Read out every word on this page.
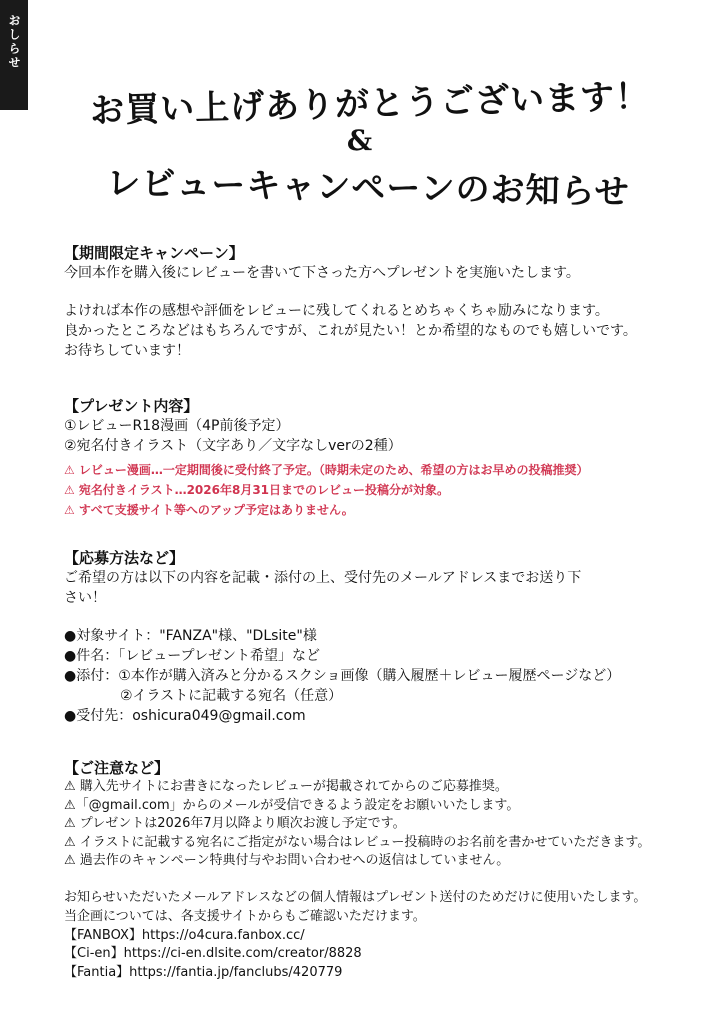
おしらせ
お買い上げありがとうございます！
&
レビューキャンペーンのお知らせ

【期間限定キャンペーン】

今回本作を購入後にレビューを書いて下さった方へプレゼントを実施いたします。

よければ本作の感想や評価をレビューに残してくれるとめちゃくちゃ励みになります。

良かったところなどはもちろんですが、これが見たい！とか希望的なものでも嬉しいです。

お待ちしています！

【プレゼント内容】

①レビューR18漫画（4P前後予定）

②宛名付きイラスト（文字あり／文字なしverの2種）

⚠ レビュー漫画…一定期間後に受付終了予定。（時期未定のため、希望の方はお早めの投稿推奨）

⚠ 宛名付きイラスト…2026年8月31日までのレビュー投稿分が対象。

⚠ すべて支援サイト等へのアップ予定はありません。

【応募方法など】

ご希望の方は以下の内容を記載・添付の上、受付先のメールアドレスまでお送り下

さい！

●対象サイト："FANZA"様、"DLsite"様

●件名：「レビュープレゼント希望」など

●添付：①本作が購入済みと分かるスクショ画像（購入履歴＋レビュー履歴ページなど）

　　　　②イラストに記載する宛名（任意）

●受付先：oshicura049@gmail.com

【ご注意など】

⚠ 購入先サイトにお書きになったレビューが掲載されてからのご応募推奨。

⚠「@gmail.com」からのメールが受信できるよう設定をお願いいたします。

⚠ プレゼントは2026年7月以降より順次お渡し予定です。

⚠ イラストに記載する宛名にご指定がない場合はレビュー投稿時のお名前を書かせていただきます。

⚠ 過去作のキャンペーン特典付与やお問い合わせへの返信はしていません。

お知らせいただいたメールアドレスなどの個人情報はプレゼント送付のためだけに使用いたします。

当企画については、各支援サイトからもご確認いただけます。

【FANBOX】https://o4cura.fanbox.cc/

【Ci-en】https://ci-en.dlsite.com/creator/8828

【Fantia】https://fantia.jp/fanclubs/420779
